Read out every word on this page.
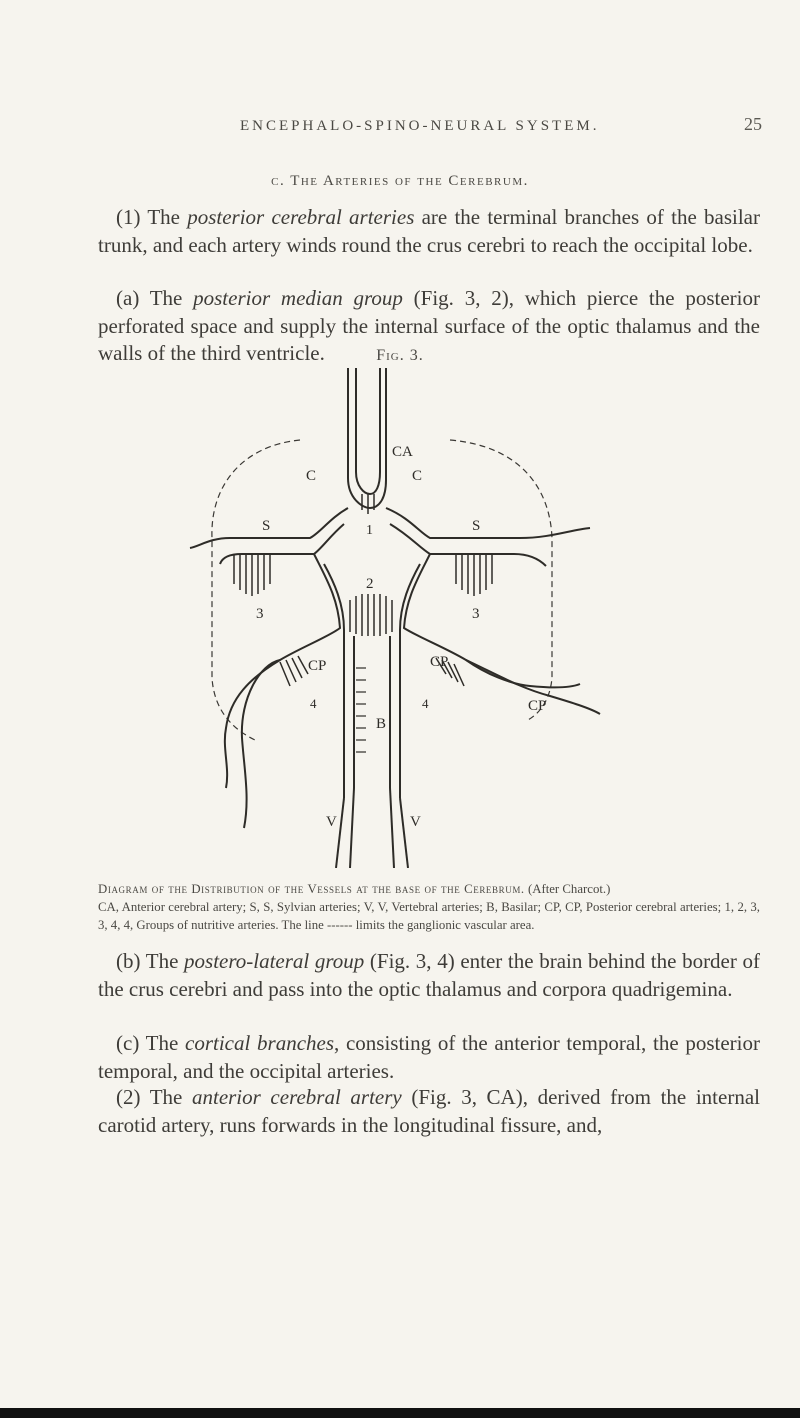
ENCEPHALO-SPINO-NEURAL SYSTEM.	25
c. The Arteries of the Cerebrum.

(1) The posterior cerebral arteries are the terminal branches of the basilar trunk, and each artery winds round the crus cerebri to reach the occipital lobe.

(a) The posterior median group (Fig. 3, 2), which pierce the posterior perforated space and supply the internal surface of the optic thalamus and the walls of the third ventricle.	Fig. 3.
CA
C	C
S	S
1
3	3
2
CP	CP
4	4
B
CP
V	V

Diagram of the Distribution of the Vessels at the base of the Cerebrum. (After Charcot.)
CA, Anterior cerebral artery; S, S, Sylvian arteries; V, V, Vertebral arteries; B, Basilar; CP, CP, Posterior cerebral arteries; 1, 2, 3, 3, 4, 4, Groups of nutritive arteries. The line ------ limits the ganglionic vascular area.

(b) The postero-lateral group (Fig. 3, 4) enter the brain behind the border of the crus cerebri and pass into the optic thalamus and corpora quadrigemina.

(c) The cortical branches, consisting of the anterior temporal, the posterior temporal, and the occipital arteries.

(2) The anterior cerebral artery (Fig. 3, CA), derived from the internal carotid artery, runs forwards in the longitudinal fissure, and,
